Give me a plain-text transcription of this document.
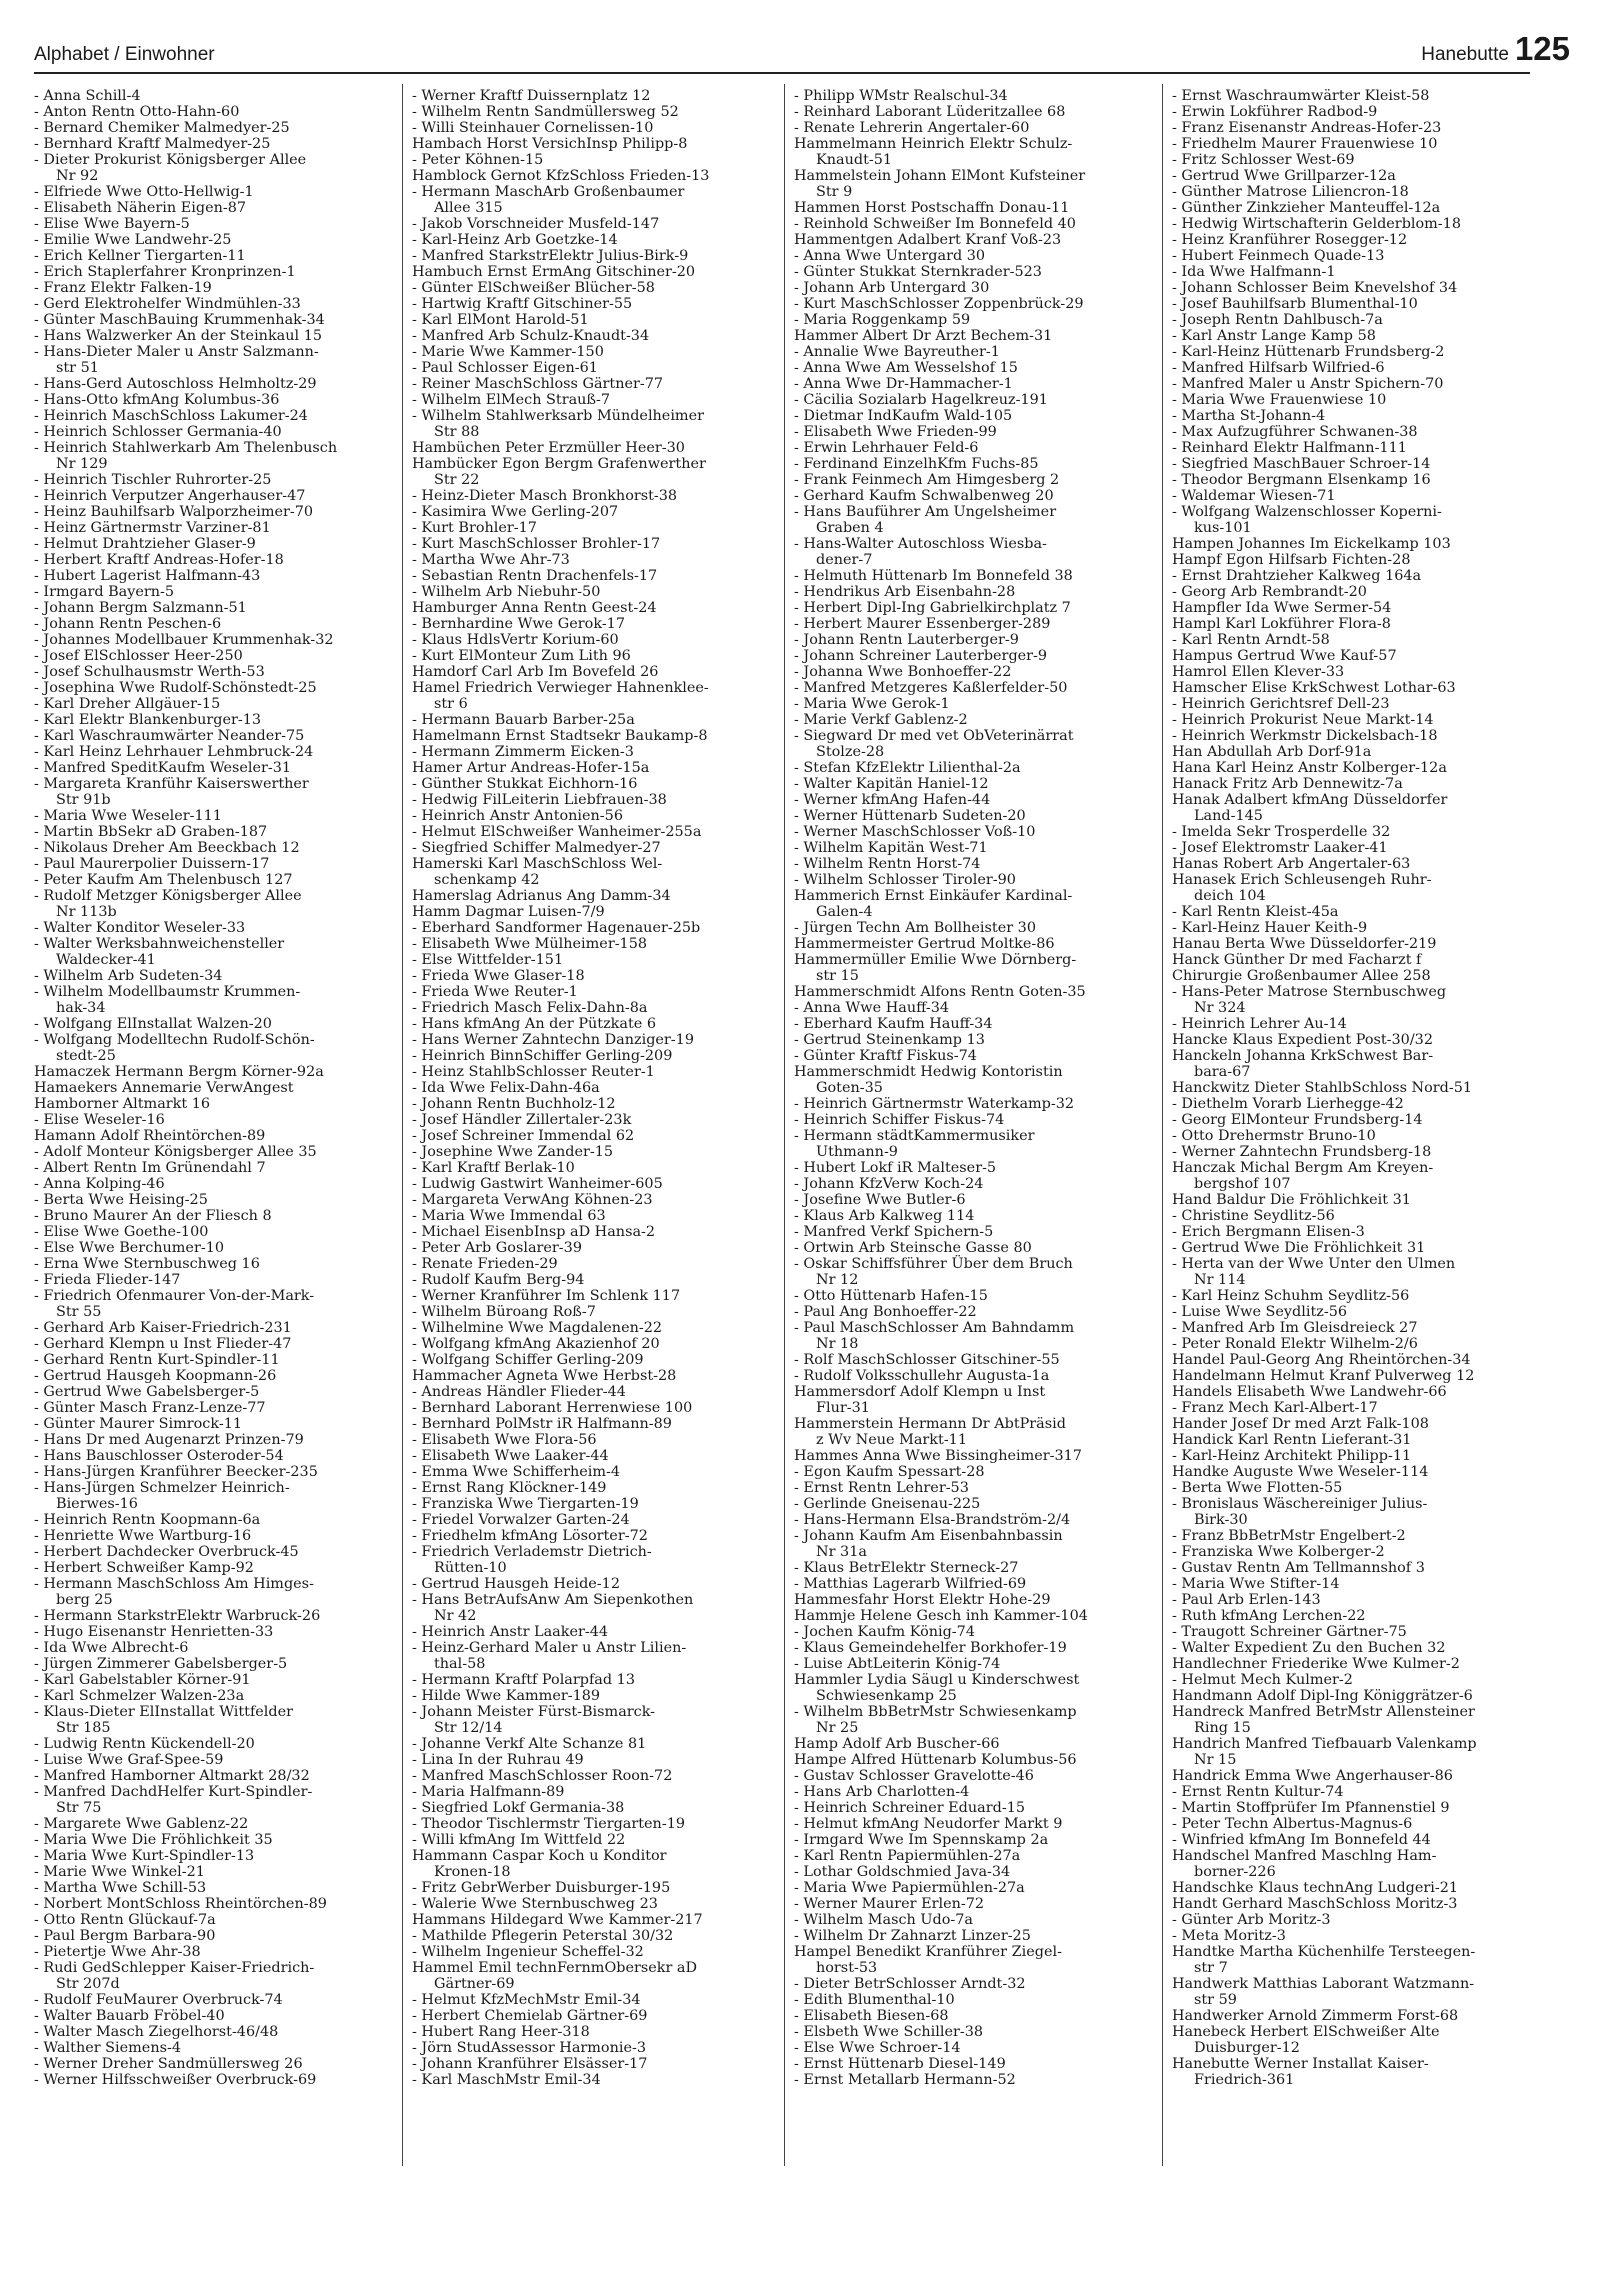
Alphabet / Einwohner	Hanebutte 125
- Anna Schill-4
- Anton Rentn Otto-Hahn-60
- Bernard Chemiker Malmedyer-25
- Bernhard Kraftf Malmedyer-25
- Dieter Prokurist Königsberger Allee
Nr 92
- Elfriede Wwe Otto-Hellwig-1
- Elisabeth Näherin Eigen-87
- Elise Wwe Bayern-5
- Emilie Wwe Landwehr-25
- Erich Kellner Tiergarten-11
- Erich Staplerfahrer Kronprinzen-1
- Franz Elektr Falken-19
- Gerd Elektrohelfer Windmühlen-33
- Günter MaschBauing Krummenhak-34
- Hans Walzwerker An der Steinkaul 15
- Hans-Dieter Maler u Anstr Salzmann-
str 51
- Hans-Gerd Autoschloss Helmholtz-29
- Hans-Otto kfmAng Kolumbus-36
- Heinrich MaschSchloss Lakumer-24
- Heinrich Schlosser Germania-40
- Heinrich Stahlwerkarb Am Thelenbusch
Nr 129
- Heinrich Tischler Ruhrorter-25
- Heinrich Verputzer Angerhauser-47
- Heinz Bauhilfsarb Walporzheimer-70
- Heinz Gärtnermstr Varziner-81
- Helmut Drahtzieher Glaser-9
- Herbert Kraftf Andreas-Hofer-18
- Hubert Lagerist Halfmann-43
- Irmgard Bayern-5
- Johann Bergm Salzmann-51
- Johann Rentn Peschen-6
- Johannes Modellbauer Krummenhak-32
- Josef ElSchlosser Heer-250
- Josef Schulhausmstr Werth-53
- Josephina Wwe Rudolf-Schönstedt-25
- Karl Dreher Allgäuer-15
- Karl Elektr Blankenburger-13
- Karl Waschraumwärter Neander-75
- Karl Heinz Lehrhauer Lehmbruck-24
- Manfred SpeditKaufm Weseler-31
- Margareta Kranführ Kaiserswerther
Str 91b
- Maria Wwe Weseler-111
- Martin BbSekr aD Graben-187
- Nikolaus Dreher Am Beeckbach 12
- Paul Maurerpolier Duissern-17
- Peter Kaufm Am Thelenbusch 127
- Rudolf Metzger Königsberger Allee
Nr 113b
- Walter Konditor Weseler-33
- Walter Werksbahnweichensteller
Waldecker-41
- Wilhelm Arb Sudeten-34
- Wilhelm Modellbaumstr Krummen-
hak-34
- Wolfgang ElInstallat Walzen-20
- Wolfgang Modelltechn Rudolf-Schön-
stedt-25
Hamaczek Hermann Bergm Körner-92a
Hamaekers Annemarie VerwAngest
Hamborner Altmarkt 16
- Elise Weseler-16
Hamann Adolf Rheintörchen-89
- Adolf Monteur Königsberger Allee 35
- Albert Rentn Im Grünendahl 7
- Anna Kolping-46
- Berta Wwe Heising-25
- Bruno Maurer An der Fliesch 8
- Elise Wwe Goethe-100
- Else Wwe Berchumer-10
- Erna Wwe Sternbuschweg 16
- Frieda Flieder-147
- Friedrich Ofenmaurer Von-der-Mark-
Str 55
- Gerhard Arb Kaiser-Friedrich-231
- Gerhard Klempn u Inst Flieder-47
- Gerhard Rentn Kurt-Spindler-11
- Gertrud Hausgeh Koopmann-26
- Gertrud Wwe Gabelsberger-5
- Günter Masch Franz-Lenze-77
- Günter Maurer Simrock-11
- Hans Dr med Augenarzt Prinzen-79
- Hans Bauschlosser Osteroder-54
- Hans-Jürgen Kranführer Beecker-235
- Hans-Jürgen Schmelzer Heinrich-
Bierwes-16
- Heinrich Rentn Koopmann-6a
- Henriette Wwe Wartburg-16
- Herbert Dachdecker Overbruck-45
- Herbert Schweißer Kamp-92
- Hermann MaschSchloss Am Himges-
berg 25
- Hermann StarkstrElektr Warbruck-26
- Hugo Eisenanstr Henrietten-33
- Ida Wwe Albrecht-6
- Jürgen Zimmerer Gabelsberger-5
- Karl Gabelstabler Körner-91
- Karl Schmelzer Walzen-23a
- Klaus-Dieter ElInstallat Wittfelder
Str 185
- Ludwig Rentn Kückendell-20
- Luise Wwe Graf-Spee-59
- Manfred Hamborner Altmarkt 28/32
- Manfred DachdHelfer Kurt-Spindler-
Str 75
- Margarete Wwe Gablenz-22
- Maria Wwe Die Fröhlichkeit 35
- Maria Wwe Kurt-Spindler-13
- Marie Wwe Winkel-21
- Martha Wwe Schill-53
- Norbert MontSchloss Rheintörchen-89
- Otto Rentn Glückauf-7a
- Paul Bergm Barbara-90
- Pietertje Wwe Ahr-38
- Rudi GedSchlepper Kaiser-Friedrich-
Str 207d
- Rudolf FeuMaurer Overbruck-74
- Walter Bauarb Fröbel-40
- Walter Masch Ziegelhorst-46/48
- Walther Siemens-4
- Werner Dreher Sandmüllersweg 26
- Werner Hilfsschweißer Overbruck-69
- Werner Kraftf Duissernplatz 12
- Wilhelm Rentn Sandmüllersweg 52
- Willi Steinhauer Cornelissen-10
Hambach Horst VersichInsp Philipp-8
- Peter Köhnen-15
Hamblock Gernot KfzSchloss Frieden-13
- Hermann MaschArb Großenbaumer
Allee 315
- Jakob Vorschneider Musfeld-147
- Karl-Heinz Arb Goetzke-14
- Manfred StarkstrElektr Julius-Birk-9
Hambuch Ernst ErmAng Gitschiner-20
- Günter ElSchweißer Blücher-58
- Hartwig Kraftf Gitschiner-55
- Karl ElMont Harold-51
- Manfred Arb Schulz-Knaudt-34
- Marie Wwe Kammer-150
- Paul Schlosser Eigen-61
- Reiner MaschSchloss Gärtner-77
- Wilhelm ElMech Strauß-7
- Wilhelm Stahlwerksarb Mündelheimer
Str 88
Hambüchen Peter Erzmüller Heer-30
Hambücker Egon Bergm Grafenwerther
Str 22
- Heinz-Dieter Masch Bronkhorst-38
- Kasimira Wwe Gerling-207
- Kurt Brohler-17
- Kurt MaschSchlosser Brohler-17
- Martha Wwe Ahr-73
- Sebastian Rentn Drachenfels-17
- Wilhelm Arb Niebuhr-50
Hamburger Anna Rentn Geest-24
- Bernhardine Wwe Gerok-17
- Klaus HdlsVertr Korium-60
- Kurt ElMonteur Zum Lith 96
Hamdorf Carl Arb Im Bovefeld 26
Hamel Friedrich Verwieger Hahnenklee-
str 6
- Hermann Bauarb Barber-25a
Hamelmann Ernst Stadtsekr Baukamp-8
- Hermann Zimmerm Eicken-3
Hamer Artur Andreas-Hofer-15a
- Günther Stukkat Eichhorn-16
- Hedwig FilLeiterin Liebfrauen-38
- Heinrich Anstr Antonien-56
- Helmut ElSchweißer Wanheimer-255a
- Siegfried Schiffer Malmedyer-27
Hamerski Karl MaschSchloss Wel-
schenkamp 42
Hamerslag Adrianus Ang Damm-34
Hamm Dagmar Luisen-7/9
- Eberhard Sandformer Hagenauer-25b
- Elisabeth Wwe Mülheimer-158
- Else Wittfelder-151
- Frieda Wwe Glaser-18
- Frieda Wwe Reuter-1
- Friedrich Masch Felix-Dahn-8a
- Hans kfmAng An der Pützkate 6
- Hans Werner Zahntechn Danziger-19
- Heinrich BinnSchiffer Gerling-209
- Heinz StahlbSchlosser Reuter-1
- Ida Wwe Felix-Dahn-46a
- Johann Rentn Buchholz-12
- Josef Händler Zillertaler-23k
- Josef Schreiner Immendal 62
- Josephine Wwe Zander-15
- Karl Kraftf Berlak-10
- Ludwig Gastwirt Wanheimer-605
- Margareta VerwAng Köhnen-23
- Maria Wwe Immendal 63
- Michael EisenbInsp aD Hansa-2
- Peter Arb Goslarer-39
- Renate Frieden-29
- Rudolf Kaufm Berg-94
- Werner Kranführer Im Schlenk 117
- Wilhelm Büroang Roß-7
- Wilhelmine Wwe Magdalenen-22
- Wolfgang kfmAng Akazienhof 20
- Wolfgang Schiffer Gerling-209
Hammacher Agneta Wwe Herbst-28
- Andreas Händler Flieder-44
- Bernhard Laborant Herrenwiese 100
- Bernhard PolMstr iR Halfmann-89
- Elisabeth Wwe Flora-56
- Elisabeth Wwe Laaker-44
- Emma Wwe Schifferheim-4
- Ernst Rang Klöckner-149
- Franziska Wwe Tiergarten-19
- Friedel Vorwalzer Garten-24
- Friedhelm kfmAng Lösorter-72
- Friedrich Verlademstr Dietrich-
Rütten-10
- Gertrud Hausgeh Heide-12
- Hans BetrAufsAnw Am Siepenkothen
Nr 42
- Heinrich Anstr Laaker-44
- Heinz-Gerhard Maler u Anstr Lilien-
thal-58
- Hermann Kraftf Polarpfad 13
- Hilde Wwe Kammer-189
- Johann Meister Fürst-Bismarck-
Str 12/14
- Johanne Verkf Alte Schanze 81
- Lina In der Ruhrau 49
- Manfred MaschSchlosser Roon-72
- Maria Halfmann-89
- Siegfried Lokf Germania-38
- Theodor Tischlermstr Tiergarten-19
- Willi kfmAng Im Wittfeld 22
Hammann Caspar Koch u Konditor
Kronen-18
- Fritz GebrWerber Duisburger-195
- Walerie Wwe Sternbuschweg 23
Hammans Hildegard Wwe Kammer-217
- Mathilde Pflegerin Peterstal 30/32
- Wilhelm Ingenieur Scheffel-32
Hammel Emil technFernmObersekr aD
Gärtner-69
- Helmut KfzMechMstr Emil-34
- Herbert Chemielab Gärtner-69
- Hubert Rang Heer-318
- Jörn StudAssessor Harmonie-3
- Johann Kranführer Elsässer-17
- Karl MaschMstr Emil-34
- Philipp WMstr Realschul-34
- Reinhard Laborant Lüderitzallee 68
- Renate Lehrerin Angertaler-60
Hammelmann Heinrich Elektr Schulz-
Knaudt-51
Hammelstein Johann ElMont Kufsteiner
Str 9
Hammen Horst Postschaffn Donau-11
- Reinhold Schweißer Im Bonnefeld 40
Hammentgen Adalbert Kranf Voß-23
- Anna Wwe Untergard 30
- Günter Stukkat Sternkrader-523
- Johann Arb Untergard 30
- Kurt MaschSchlosser Zoppenbrück-29
- Maria Roggenkamp 59
Hammer Albert Dr Arzt Bechem-31
- Annalie Wwe Bayreuther-1
- Anna Wwe Am Wesselshof 15
- Anna Wwe Dr-Hammacher-1
- Cäcilia Sozialarb Hagelkreuz-191
- Dietmar IndKaufm Wald-105
- Elisabeth Wwe Frieden-99
- Erwin Lehrhauer Feld-6
- Ferdinand EinzelhKfm Fuchs-85
- Frank Feinmech Am Himgesberg 2
- Gerhard Kaufm Schwalbenweg 20
- Hans Bauführer Am Ungelsheimer
Graben 4
- Hans-Walter Autoschloss Wiesba-
dener-7
- Helmuth Hüttenarb Im Bonnefeld 38
- Hendrikus Arb Eisenbahn-28
- Herbert Dipl-Ing Gabrielkirchplatz 7
- Herbert Maurer Essenberger-289
- Johann Rentn Lauterberger-9
- Johann Schreiner Lauterberger-9
- Johanna Wwe Bonhoeffer-22
- Manfred Metzgeres Kaßlerfelder-50
- Maria Wwe Gerok-1
- Marie Verkf Gablenz-2
- Siegward Dr med vet ObVeterinärrat
Stolze-28
- Stefan KfzElektr Lilienthal-2a
- Walter Kapitän Haniel-12
- Werner kfmAng Hafen-44
- Werner Hüttenarb Sudeten-20
- Werner MaschSchlosser Voß-10
- Wilhelm Kapitän West-71
- Wilhelm Rentn Horst-74
- Wilhelm Schlosser Tiroler-90
Hammerich Ernst Einkäufer Kardinal-
Galen-4
- Jürgen Techn Am Bollheister 30
Hammermeister Gertrud Moltke-86
Hammermüller Emilie Wwe Dörnberg-
str 15
Hammerschmidt Alfons Rentn Goten-35
- Anna Wwe Hauff-34
- Eberhard Kaufm Hauff-34
- Gertrud Steinenkamp 13
- Günter Kraftf Fiskus-74
Hammerschmidt Hedwig Kontoristin
Goten-35
- Heinrich Gärtnermstr Waterkamp-32
- Heinrich Schiffer Fiskus-74
- Hermann städtKammermusiker
Uthmann-9
- Hubert Lokf iR Malteser-5
- Johann KfzVerw Koch-24
- Josefine Wwe Butler-6
- Klaus Arb Kalkweg 114
- Manfred Verkf Spichern-5
- Ortwin Arb Steinsche Gasse 80
- Oskar Schiffsführer Über dem Bruch
Nr 12
- Otto Hüttenarb Hafen-15
- Paul Ang Bonhoeffer-22
- Paul MaschSchlosser Am Bahndamm
Nr 18
- Rolf MaschSchlosser Gitschiner-55
- Rudolf Volksschullehr Augusta-1a
Hammersdorf Adolf Klempn u Inst
Flur-31
Hammerstein Hermann Dr AbtPräsid
z Wv Neue Markt-11
Hammes Anna Wwe Bissingheimer-317
- Egon Kaufm Spessart-28
- Ernst Rentn Lehrer-53
- Gerlinde Gneisenau-225
- Hans-Hermann Elsa-Brandström-2/4
- Johann Kaufm Am Eisenbahnbassin
Nr 31a
- Klaus BetrElektr Sterneck-27
- Matthias Lagerarb Wilfried-69
Hammesfahr Horst Elektr Hohe-29
Hammje Helene Gesch inh Kammer-104
- Jochen Kaufm König-74
- Klaus Gemeindehelfer Borkhofer-19
- Luise AbtLeiterin König-74
Hammler Lydia Säugl u Kinderschwest
Schwiesenkamp 25
- Wilhelm BbBetrMstr Schwiesenkamp
Nr 25
Hamp Adolf Arb Buscher-66
Hampe Alfred Hüttenarb Kolumbus-56
- Gustav Schlosser Gravelotte-46
- Hans Arb Charlotten-4
- Heinrich Schreiner Eduard-15
- Helmut kfmAng Neudorfer Markt 9
- Irmgard Wwe Im Spennskamp 2a
- Karl Rentn Papiermühlen-27a
- Lothar Goldschmied Java-34
- Maria Wwe Papiermühlen-27a
- Werner Maurer Erlen-72
- Wilhelm Masch Udo-7a
- Wilhelm Dr Zahnarzt Linzer-25
Hampel Benedikt Kranführer Ziegel-
horst-53
- Dieter BetrSchlosser Arndt-32
- Edith Blumenthal-10
- Elisabeth Biesen-68
- Elsbeth Wwe Schiller-38
- Else Wwe Schroer-14
- Ernst Hüttenarb Diesel-149
- Ernst Metallarb Hermann-52
- Ernst Waschraumwärter Kleist-58
- Erwin Lokführer Radbod-9
- Franz Eisenanstr Andreas-Hofer-23
- Friedhelm Maurer Frauenwiese 10
- Fritz Schlosser West-69
- Gertrud Wwe Grillparzer-12a
- Günther Matrose Liliencron-18
- Günther Zinkzieher Manteuffel-12a
- Hedwig Wirtschafterin Gelderblom-18
- Heinz Kranführer Rosegger-12
- Hubert Feinmech Quade-13
- Ida Wwe Halfmann-1
- Johann Schlosser Beim Knevelshof 34
- Josef Bauhilfsarb Blumenthal-10
- Joseph Rentn Dahlbusch-7a
- Karl Anstr Lange Kamp 58
- Karl-Heinz Hüttenarb Frundsberg-2
- Manfred Hilfsarb Wilfried-6
- Manfred Maler u Anstr Spichern-70
- Maria Wwe Frauenwiese 10
- Martha St-Johann-4
- Max Aufzugführer Schwanen-38
- Reinhard Elektr Halfmann-111
- Siegfried MaschBauer Schroer-14
- Theodor Bergmann Elsenkamp 16
- Waldemar Wiesen-71
- Wolfgang Walzenschlosser Koperni-
kus-101
Hampen Johannes Im Eickelkamp 103
Hampf Egon Hilfsarb Fichten-28
- Ernst Drahtzieher Kalkweg 164a
- Georg Arb Rembrandt-20
Hampfler Ida Wwe Sermer-54
Hampl Karl Lokführer Flora-8
- Karl Rentn Arndt-58
Hampus Gertrud Wwe Kauf-57
Hamrol Ellen Klever-33
Hamscher Elise KrkSchwest Lothar-63
- Heinrich Gerichtsref Dell-23
- Heinrich Prokurist Neue Markt-14
- Heinrich Werkmstr Dickelsbach-18
Han Abdullah Arb Dorf-91a
Hana Karl Heinz Anstr Kolberger-12a
Hanack Fritz Arb Dennewitz-7a
Hanak Adalbert kfmAng Düsseldorfer
Land-145
- Imelda Sekr Trosperdelle 32
- Josef Elektromstr Laaker-41
Hanas Robert Arb Angertaler-63
Hanasek Erich Schleusengeh Ruhr-
deich 104
- Karl Rentn Kleist-45a
- Karl-Heinz Hauer Keith-9
Hanau Berta Wwe Düsseldorfer-219
Hanck Günther Dr med Facharzt f
Chirurgie Großenbaumer Allee 258
- Hans-Peter Matrose Sternbuschweg
Nr 324
- Heinrich Lehrer Au-14
Hancke Klaus Expedient Post-30/32
Hanckeln Johanna KrkSchwest Bar-
bara-67
Hanckwitz Dieter StahlbSchloss Nord-51
- Diethelm Vorarb Lierhegge-42
- Georg ElMonteur Frundsberg-14
- Otto Drehermstr Bruno-10
- Werner Zahntechn Frundsberg-18
Hanczak Michal Bergm Am Kreyen-
bergshof 107
Hand Baldur Die Fröhlichkeit 31
- Christine Seydlitz-56
- Erich Bergmann Elisen-3
- Gertrud Wwe Die Fröhlichkeit 31
- Herta van der Wwe Unter den Ulmen
Nr 114
- Karl Heinz Schuhm Seydlitz-56
- Luise Wwe Seydlitz-56
- Manfred Arb Im Gleisdreieck 27
- Peter Ronald Elektr Wilhelm-2/6
Handel Paul-Georg Ang Rheintörchen-34
Handelmann Helmut Kranf Pulverweg 12
Handels Elisabeth Wwe Landwehr-66
- Franz Mech Karl-Albert-17
Hander Josef Dr med Arzt Falk-108
Handick Karl Rentn Lieferant-31
- Karl-Heinz Architekt Philipp-11
Handke Auguste Wwe Weseler-114
- Berta Wwe Flotten-55
- Bronislaus Wäschereiniger Julius-
Birk-30
- Franz BbBetrMstr Engelbert-2
- Franziska Wwe Kolberger-2
- Gustav Rentn Am Tellmannshof 3
- Maria Wwe Stifter-14
- Paul Arb Erlen-143
- Ruth kfmAng Lerchen-22
- Traugott Schreiner Gärtner-75
- Walter Expedient Zu den Buchen 32
Handlechner Friederike Wwe Kulmer-2
- Helmut Mech Kulmer-2
Handmann Adolf Dipl-Ing Königgrätzer-6
Handreck Manfred BetrMstr Allensteiner
Ring 15
Handrich Manfred Tiefbauarb Valenkamp
Nr 15
Handrick Emma Wwe Angerhauser-86
- Ernst Rentn Kultur-74
- Martin Stoffprüfer Im Pfannenstiel 9
- Peter Techn Albertus-Magnus-6
- Winfried kfmAng Im Bonnefeld 44
Handschel Manfred Maschlng Ham-
borner-226
Handschke Klaus technAng Ludgeri-21
Handt Gerhard MaschSchloss Moritz-3
- Günter Arb Moritz-3
- Meta Moritz-3
Handtke Martha Küchenhilfe Tersteegen-
str 7
Handwerk Matthias Laborant Watzmann-
str 59
Handwerker Arnold Zimmerm Forst-68
Hanebeck Herbert ElSchweißer Alte
Duisburger-12
Hanebutte Werner Installat Kaiser-
Friedrich-361
